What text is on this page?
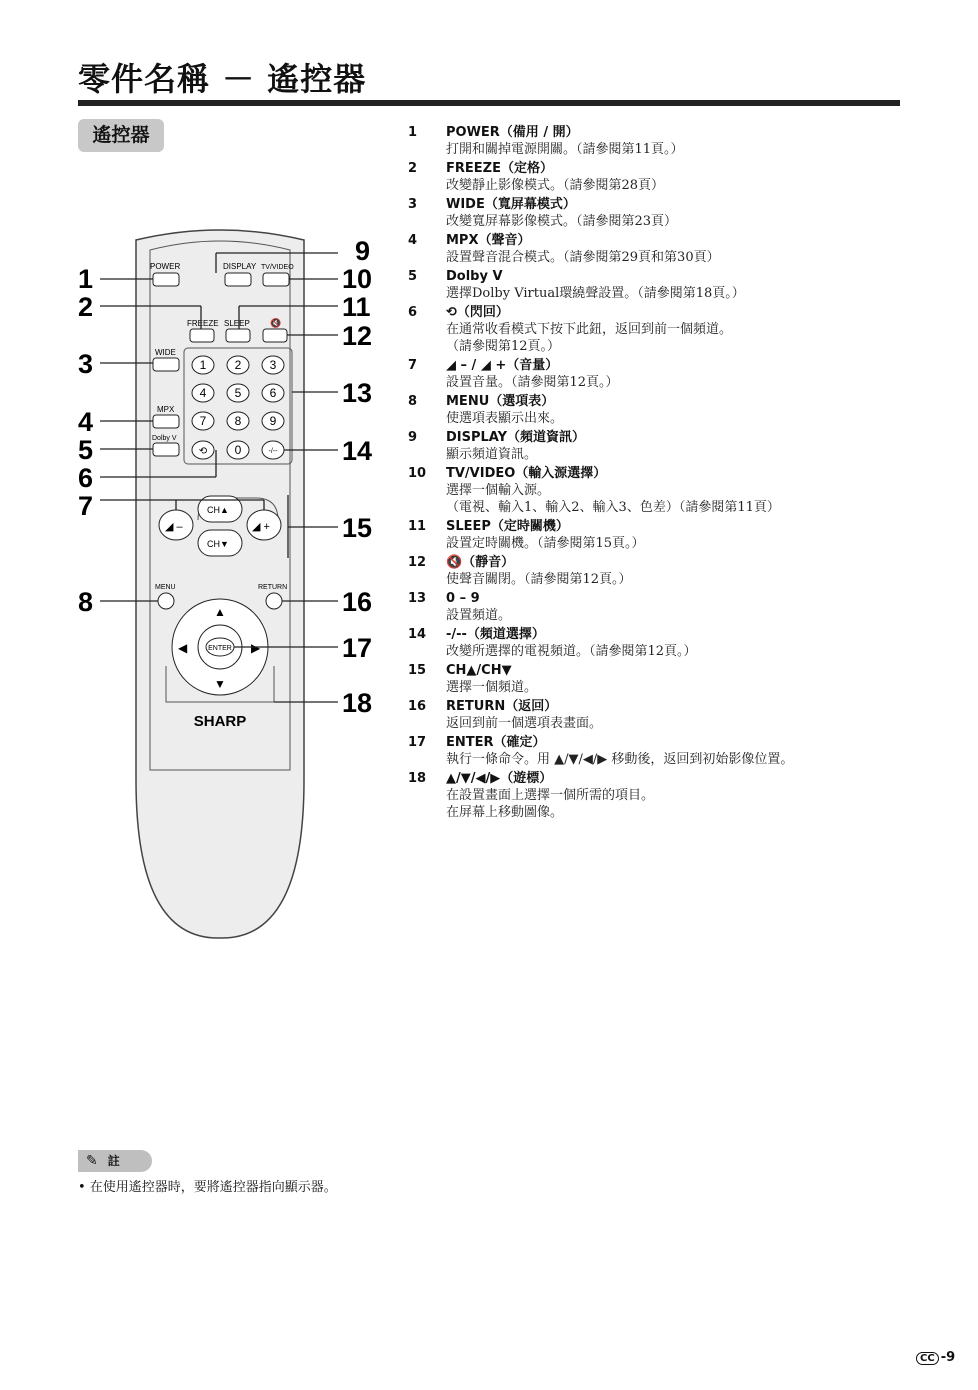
零件名稱 － 遙控器
遙控器
POWER	DISPLAY TV/VIDEO
FREEZE SLEEP 🔇
WIDE
MPX
Dolby V
1 2 3
4 5 6
7 8 9
⟲ 0	-/--
◢ –	◢ +
CH▲
CH▼
MENU	RETURN
▲
▼
◀	▶
ENTER
SHARP
1
2
3
4
5
6
7
8
9
10
11
12
13
14
15
16
17
18
1	POWER（備用 / 開）
打開和關掉電源開關。（請參閱第11頁。）
2	FREEZE（定格）
改變靜止影像模式。（請參閱第28頁）
3	WIDE（寬屏幕模式）
改變寬屏幕影像模式。（請參閱第23頁）
4	MPX（聲音）
設置聲音混合模式。（請參閱第29頁和第30頁）
5	Dolby V
選擇Dolby Virtual環繞聲設置。（請參閱第18頁。）
6	⟲（閃回）
在通常收看模式下按下此鈕，返回到前一個頻道。
（請參閱第12頁。）
7	◢ – / ◢ +（音量）
設置音量。（請參閱第12頁。）
8	MENU（選項表）
使選項表顯示出來。
9	DISPLAY（頻道資訊）
顯示頻道資訊。
10	TV/VIDEO（輸入源選擇）
選擇一個輸入源。
（電視、輸入1、輸入2、輸入3、色差）（請參閱第11頁）
11	SLEEP（定時關機）
設置定時關機。（請參閱第15頁。）
12	🔇（靜音）
使聲音關閉。（請參閱第12頁。）
13	0 – 9
設置頻道。
14	-/--（頻道選擇）
改變所選擇的電視頻道。（請參閱第12頁。）
15	CH▲/CH▼
選擇一個頻道。
16	RETURN（返回）
返回到前一個選項表畫面。
17	ENTER（確定）
執行一條命令。用 ▲/▼/◀/▶ 移動後，返回到初始影像位置。
18	▲/▼/◀/▶（遊標）
在設置畫面上選擇一個所需的項目。
在屏幕上移動圖像。
✎ 註
• 在使用遙控器時，要將遙控器指向顯示器。
CC -9
